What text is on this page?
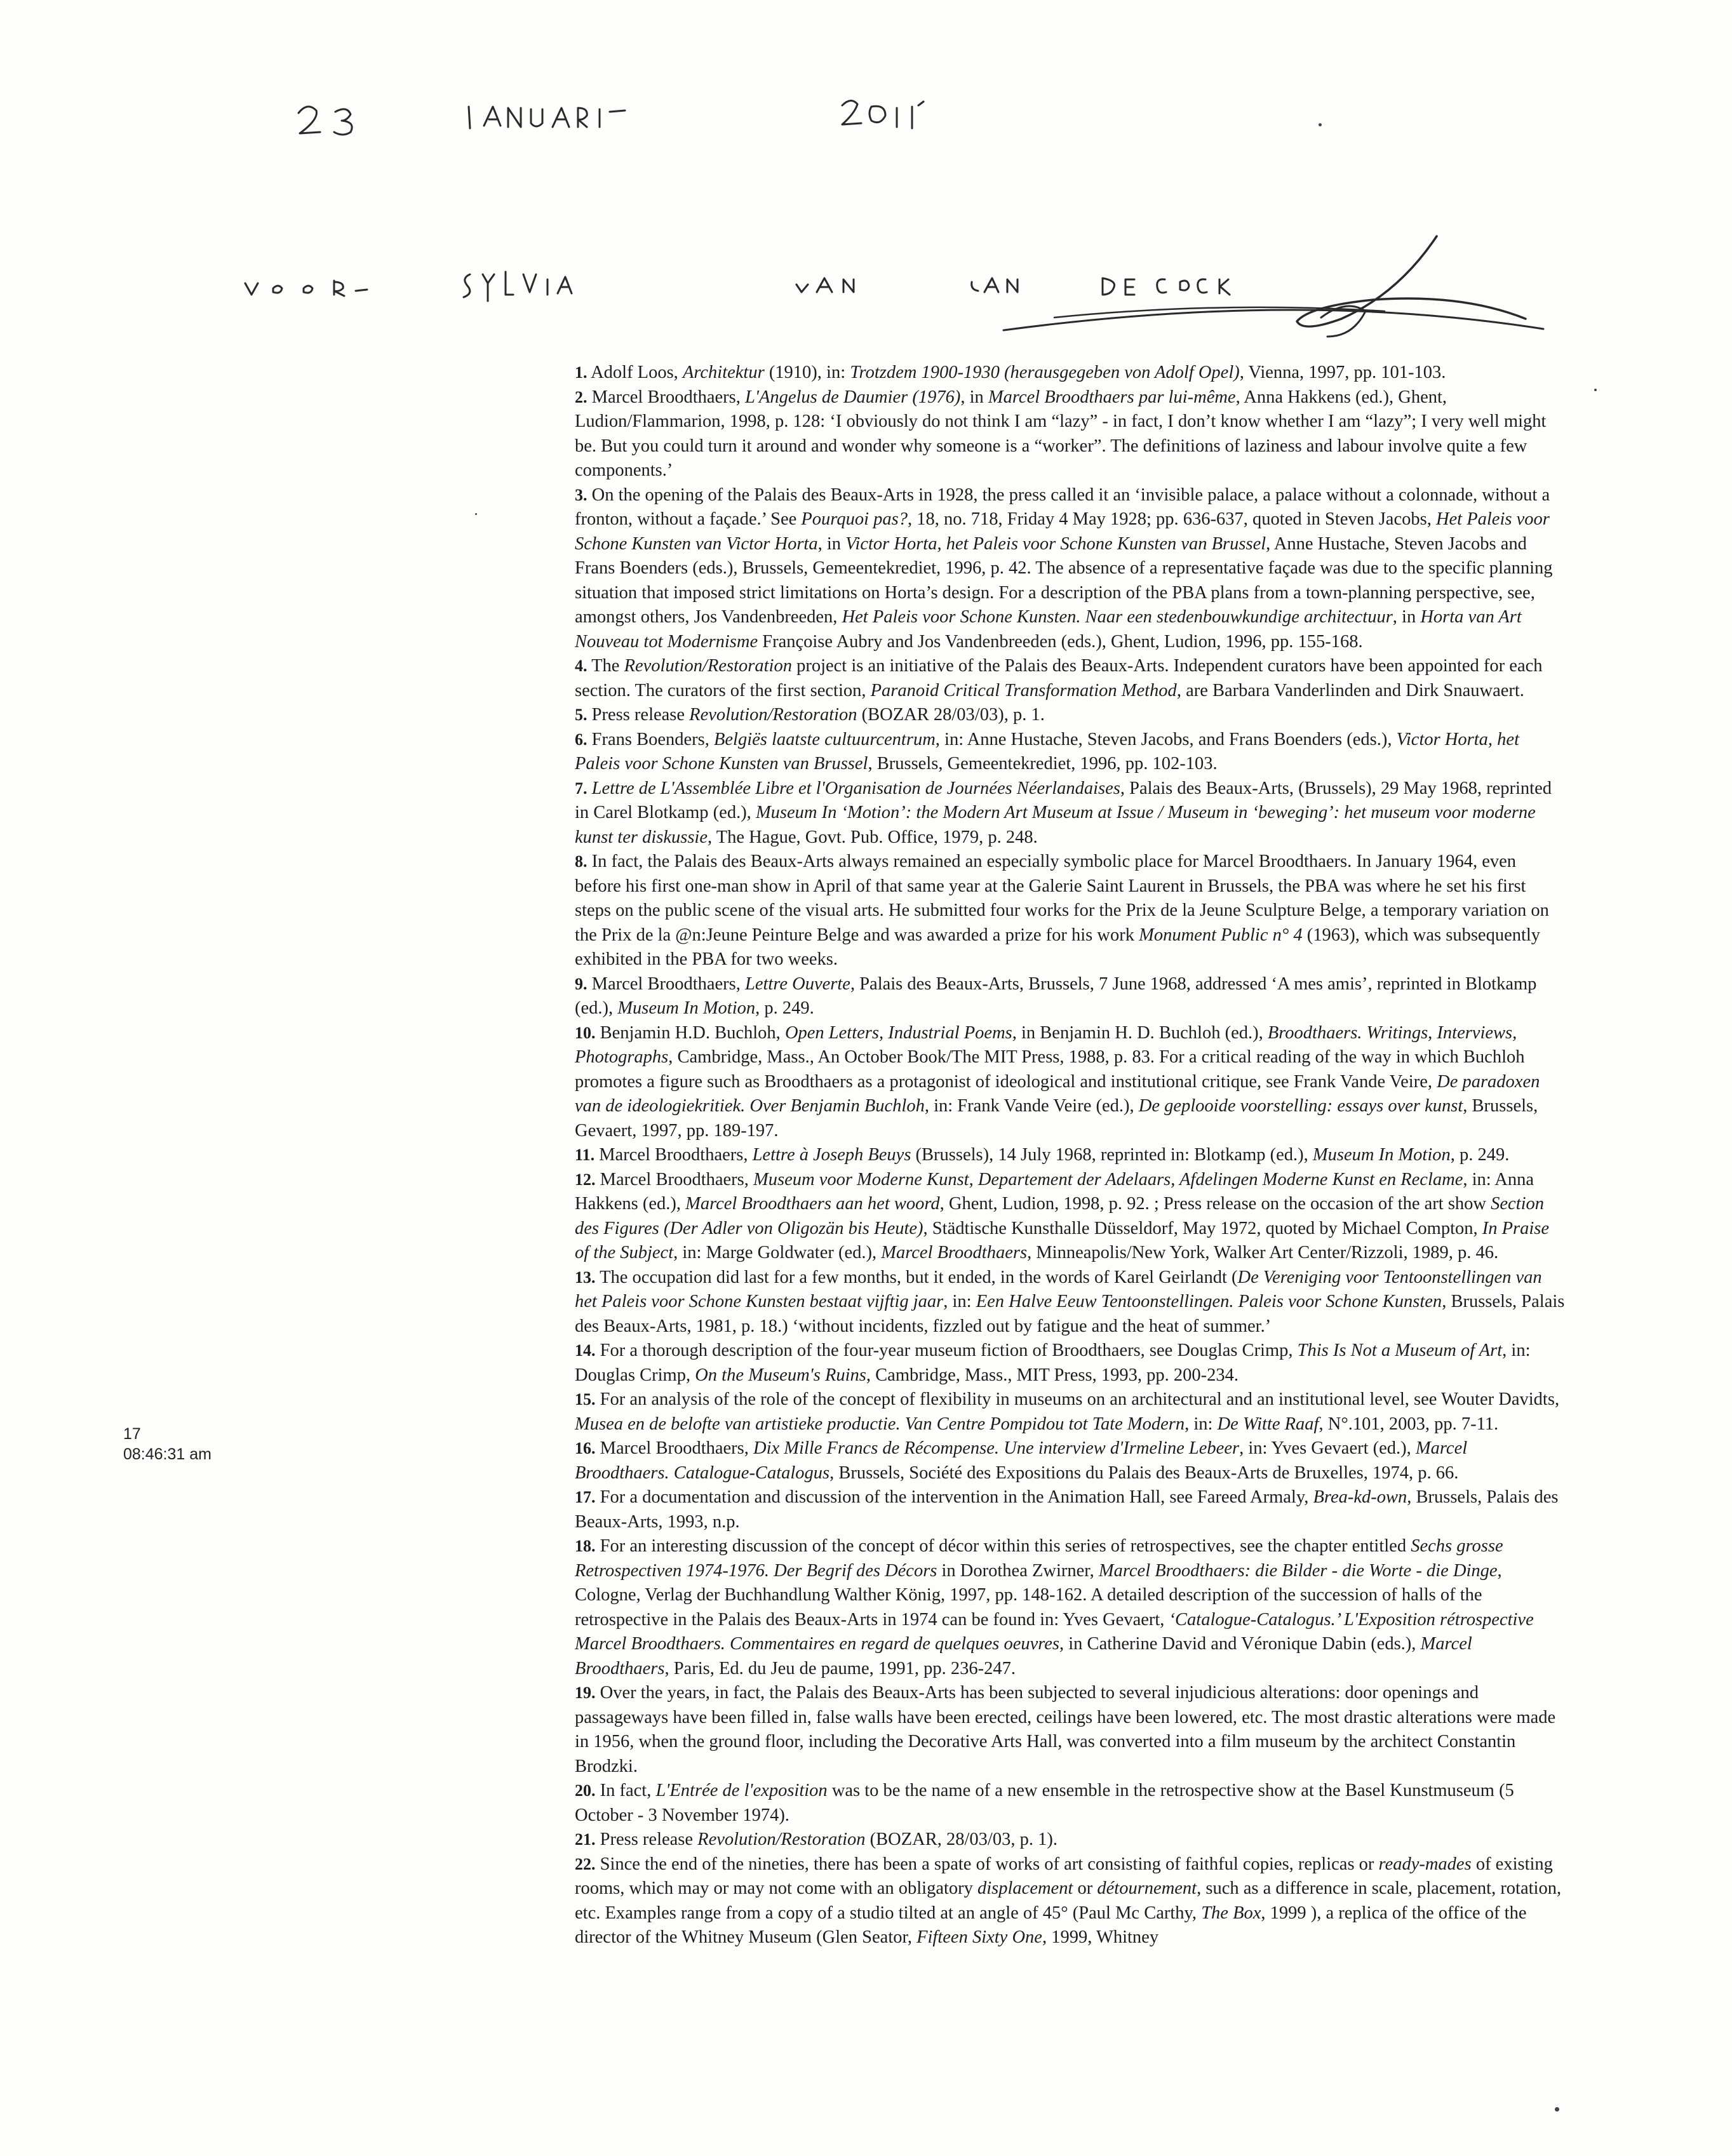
17
08:46:31 am

1. Adolf Loos, Architektur (1910), in: Trotzdem 1900-1930 (herausgegeben von Adolf Opel), Vienna, 1997, pp. 101-103.

2. Marcel Broodthaers, L'Angelus de Daumier (1976), in Marcel Broodthaers par lui-même, Anna Hakkens (ed.), Ghent, Ludion/Flammarion, 1998, p. 128: ‘I obviously do not think I am “lazy” - in fact, I don’t know whether I am “lazy”; I very well might be. But you could turn it around and wonder why someone is a “worker”. The definitions of laziness and labour involve quite a few components.’

3. On the opening of the Palais des Beaux-Arts in 1928, the press called it an ‘invisible palace, a palace without a colonnade, without a fronton, without a façade.’ See Pourquoi pas?, 18, no. 718, Friday 4 May 1928; pp. 636-637, quoted in Steven Jacobs, Het Paleis voor Schone Kunsten van Victor Horta, in Victor Horta, het Paleis voor Schone Kunsten van Brussel, Anne Hustache, Steven Jacobs and Frans Boenders (eds.), Brussels, Gemeentekrediet, 1996, p. 42. The absence of a representative façade was due to the specific planning situation that imposed strict limitations on Horta’s design. For a description of the PBA plans from a town-planning perspective, see, amongst others, Jos Vandenbreeden, Het Paleis voor Schone Kunsten. Naar een stedenbouwkundige architectuur, in Horta van Art Nouveau tot Modernisme Françoise Aubry and Jos Vandenbreeden (eds.), Ghent, Ludion, 1996, pp. 155-168.

4. The Revolution/Restoration project is an initiative of the Palais des Beaux-Arts. Independent curators have been appointed for each section. The curators of the first section, Paranoid Critical Transformation Method, are Barbara Vanderlinden and Dirk Snauwaert.

5. Press release Revolution/Restoration (BOZAR 28/03/03), p. 1.

6. Frans Boenders, Belgiës laatste cultuurcentrum, in: Anne Hustache, Steven Jacobs, and Frans Boenders (eds.), Victor Horta, het Paleis voor Schone Kunsten van Brussel, Brussels, Gemeentekrediet, 1996, pp. 102-103.

7. Lettre de L'Assemblée Libre et l'Organisation de Journées Néerlandaises, Palais des Beaux-Arts, (Brussels), 29 May 1968, reprinted in Carel Blotkamp (ed.), Museum In ‘Motion’: the Modern Art Museum at Issue / Museum in ‘beweging’: het museum voor moderne kunst ter diskussie, The Hague, Govt. Pub. Office, 1979, p. 248.

8. In fact, the Palais des Beaux-Arts always remained an especially symbolic place for Marcel Broodthaers. In January 1964, even before his first one-man show in April of that same year at the Galerie Saint Laurent in Brussels, the PBA was where he set his first steps on the public scene of the visual arts. He submitted four works for the Prix de la Jeune Sculpture Belge, a temporary variation on the Prix de la @n:Jeune Peinture Belge and was awarded a prize for his work Monument Public n° 4 (1963), which was subsequently exhibited in the PBA for two weeks.

9. Marcel Broodthaers, Lettre Ouverte, Palais des Beaux-Arts, Brussels, 7 June 1968, addressed ‘A mes amis’, reprinted in Blotkamp (ed.), Museum In Motion, p. 249.

10. Benjamin H.D. Buchloh, Open Letters, Industrial Poems, in Benjamin H. D. Buchloh (ed.), Broodthaers. Writings, Interviews, Photographs, Cambridge, Mass., An October Book/The MIT Press, 1988, p. 83. For a critical reading of the way in which Buchloh promotes a figure such as Broodthaers as a protagonist of ideological and institutional critique, see Frank Vande Veire, De paradoxen van de ideologiekritiek. Over Benjamin Buchloh, in: Frank Vande Veire (ed.), De geplooide voorstelling: essays over kunst, Brussels, Gevaert, 1997, pp. 189-197.

11. Marcel Broodthaers, Lettre à Joseph Beuys (Brussels), 14 July 1968, reprinted in: Blotkamp (ed.), Museum In Motion, p. 249.

12. Marcel Broodthaers, Museum voor Moderne Kunst, Departement der Adelaars, Afdelingen Moderne Kunst en Reclame, in: Anna Hakkens (ed.), Marcel Broodthaers aan het woord, Ghent, Ludion, 1998, p. 92. ; Press release on the occasion of the art show Section des Figures (Der Adler von Oligozän bis Heute), Städtische Kunsthalle Düsseldorf, May 1972, quoted by Michael Compton, In Praise of the Subject, in: Marge Goldwater (ed.), Marcel Broodthaers, Minneapolis/New York, Walker Art Center/Rizzoli, 1989, p. 46.

13. The occupation did last for a few months, but it ended, in the words of Karel Geirlandt (De Vereniging voor Tentoonstellingen van het Paleis voor Schone Kunsten bestaat vijftig jaar, in: Een Halve Eeuw Tentoonstellingen. Paleis voor Schone Kunsten, Brussels, Palais des Beaux-Arts, 1981, p. 18.) ‘without incidents, fizzled out by fatigue and the heat of summer.’

14. For a thorough description of the four-year museum fiction of Broodthaers, see Douglas Crimp, This Is Not a Museum of Art, in: Douglas Crimp, On the Museum's Ruins, Cambridge, Mass., MIT Press, 1993, pp. 200-234.

15. For an analysis of the role of the concept of flexibility in museums on an architectural and an institutional level, see Wouter Davidts, Musea en de belofte van artistieke productie. Van Centre Pompidou tot Tate Modern, in: De Witte Raaf, N°.101, 2003, pp. 7-11.

16. Marcel Broodthaers, Dix Mille Francs de Récompense. Une interview d'Irmeline Lebeer, in: Yves Gevaert (ed.), Marcel Broodthaers. Catalogue-Catalogus, Brussels, Société des Expositions du Palais des Beaux-Arts de Bruxelles, 1974, p. 66.

17. For a documentation and discussion of the intervention in the Animation Hall, see Fareed Armaly, Brea-kd-own, Brussels, Palais des Beaux-Arts, 1993, n.p.

18. For an interesting discussion of the concept of décor within this series of retrospectives, see the chapter entitled Sechs grosse Retrospectiven 1974-1976. Der Begrif des Décors in Dorothea Zwirner, Marcel Broodthaers: die Bilder - die Worte - die Dinge, Cologne, Verlag der Buchhandlung Walther König, 1997, pp. 148-162. A detailed description of the succession of halls of the retrospective in the Palais des Beaux-Arts in 1974 can be found in: Yves Gevaert, ‘Catalogue-Catalogus.’ L'Exposition rétrospective Marcel Broodthaers. Commentaires en regard de quelques oeuvres, in Catherine David and Véronique Dabin (eds.), Marcel Broodthaers, Paris, Ed. du Jeu de paume, 1991, pp. 236-247.

19. Over the years, in fact, the Palais des Beaux-Arts has been subjected to several injudicious alterations: door openings and passageways have been filled in, false walls have been erected, ceilings have been lowered, etc. The most drastic alterations were made in 1956, when the ground floor, including the Decorative Arts Hall, was converted into a film museum by the architect Constantin Brodzki.

20. In fact, L'Entrée de l'exposition was to be the name of a new ensemble in the retrospective show at the Basel Kunstmuseum (5 October - 3 November 1974).

21. Press release Revolution/Restoration (BOZAR, 28/03/03, p. 1).

22. Since the end of the nineties, there has been a spate of works of art consisting of faithful copies, replicas or ready-mades of existing rooms, which may or may not come with an obligatory displacement or détournement, such as a difference in scale, placement, rotation, etc. Examples range from a copy of a studio tilted at an angle of 45° (Paul Mc Carthy, The Box, 1999 ), a replica of the office of the director of the Whitney Museum (Glen Seator, Fifteen Sixty One, 1999, Whitney
